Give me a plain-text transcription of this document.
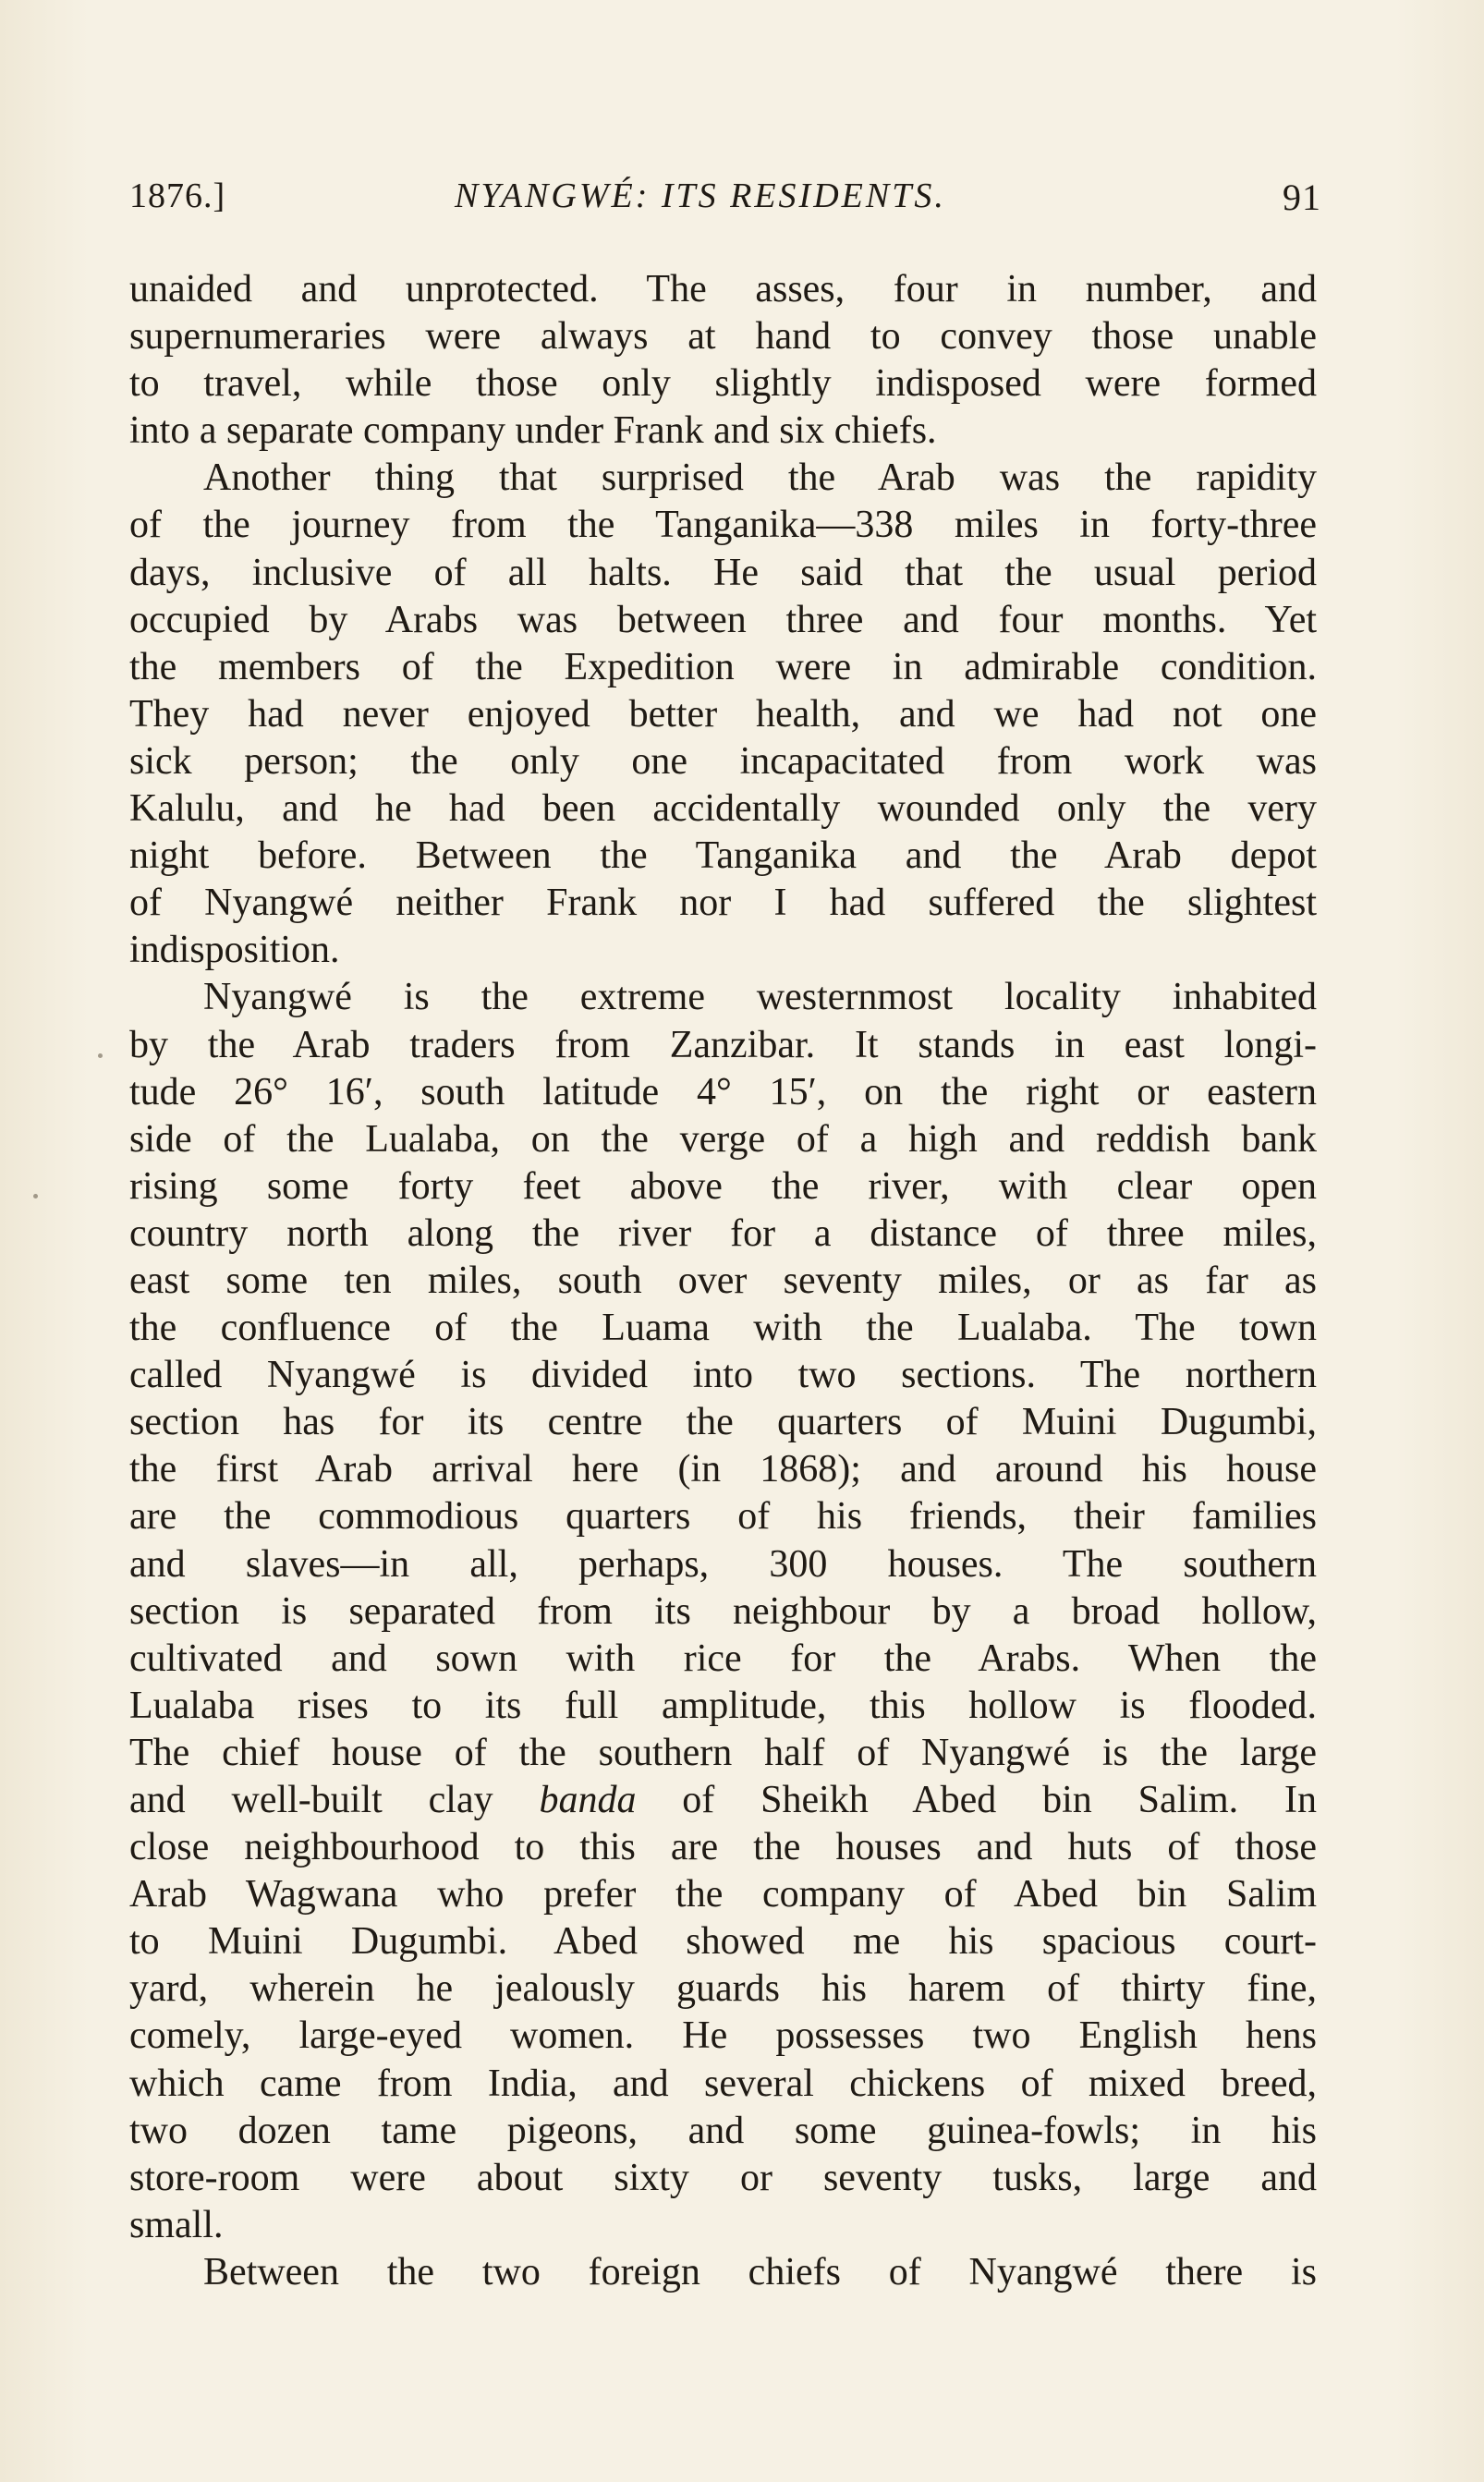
1876.]	NYANGWÉ: ITS RESIDENTS.	91
unaided and unprotected. The asses, four in number, and
supernumeraries were always at hand to convey those unable
to travel, while those only slightly indisposed were formed
into a separate company under Frank and six chiefs.
Another thing that surprised the Arab was the rapidity
of the journey from the Tanganika—338 miles in forty-three
days, inclusive of all halts. He said that the usual period
occupied by Arabs was between three and four months. Yet
the members of the Expedition were in admirable condition.
They had never enjoyed better health, and we had not one
sick person; the only one incapacitated from work was
Kalulu, and he had been accidentally wounded only the very
night before. Between the Tanganika and the Arab depot
of Nyangwé neither Frank nor I had suffered the slightest
indisposition.
Nyangwé is the extreme westernmost locality inhabited
by the Arab traders from Zanzibar. It stands in east longi-
tude 26° 16′, south latitude 4° 15′, on the right or eastern
side of the Lualaba, on the verge of a high and reddish bank
rising some forty feet above the river, with clear open
country north along the river for a distance of three miles,
east some ten miles, south over seventy miles, or as far as
the confluence of the Luama with the Lualaba. The town
called Nyangwé is divided into two sections. The northern
section has for its centre the quarters of Muini Dugumbi,
the first Arab arrival here (in 1868); and around his house
are the commodious quarters of his friends, their families
and slaves—in all, perhaps, 300 houses. The southern
section is separated from its neighbour by a broad hollow,
cultivated and sown with rice for the Arabs. When the
Lualaba rises to its full amplitude, this hollow is flooded.
The chief house of the southern half of Nyangwé is the large
and well-built clay banda of Sheikh Abed bin Salim. In
close neighbourhood to this are the houses and huts of those
Arab Wagwana who prefer the company of Abed bin Salim
to Muini Dugumbi. Abed showed me his spacious court-
yard, wherein he jealously guards his harem of thirty fine,
comely, large-eyed women. He possesses two English hens
which came from India, and several chickens of mixed breed,
two dozen tame pigeons, and some guinea-fowls; in his
store-room were about sixty or seventy tusks, large and
small.
Between the two foreign chiefs of Nyangwé there is
